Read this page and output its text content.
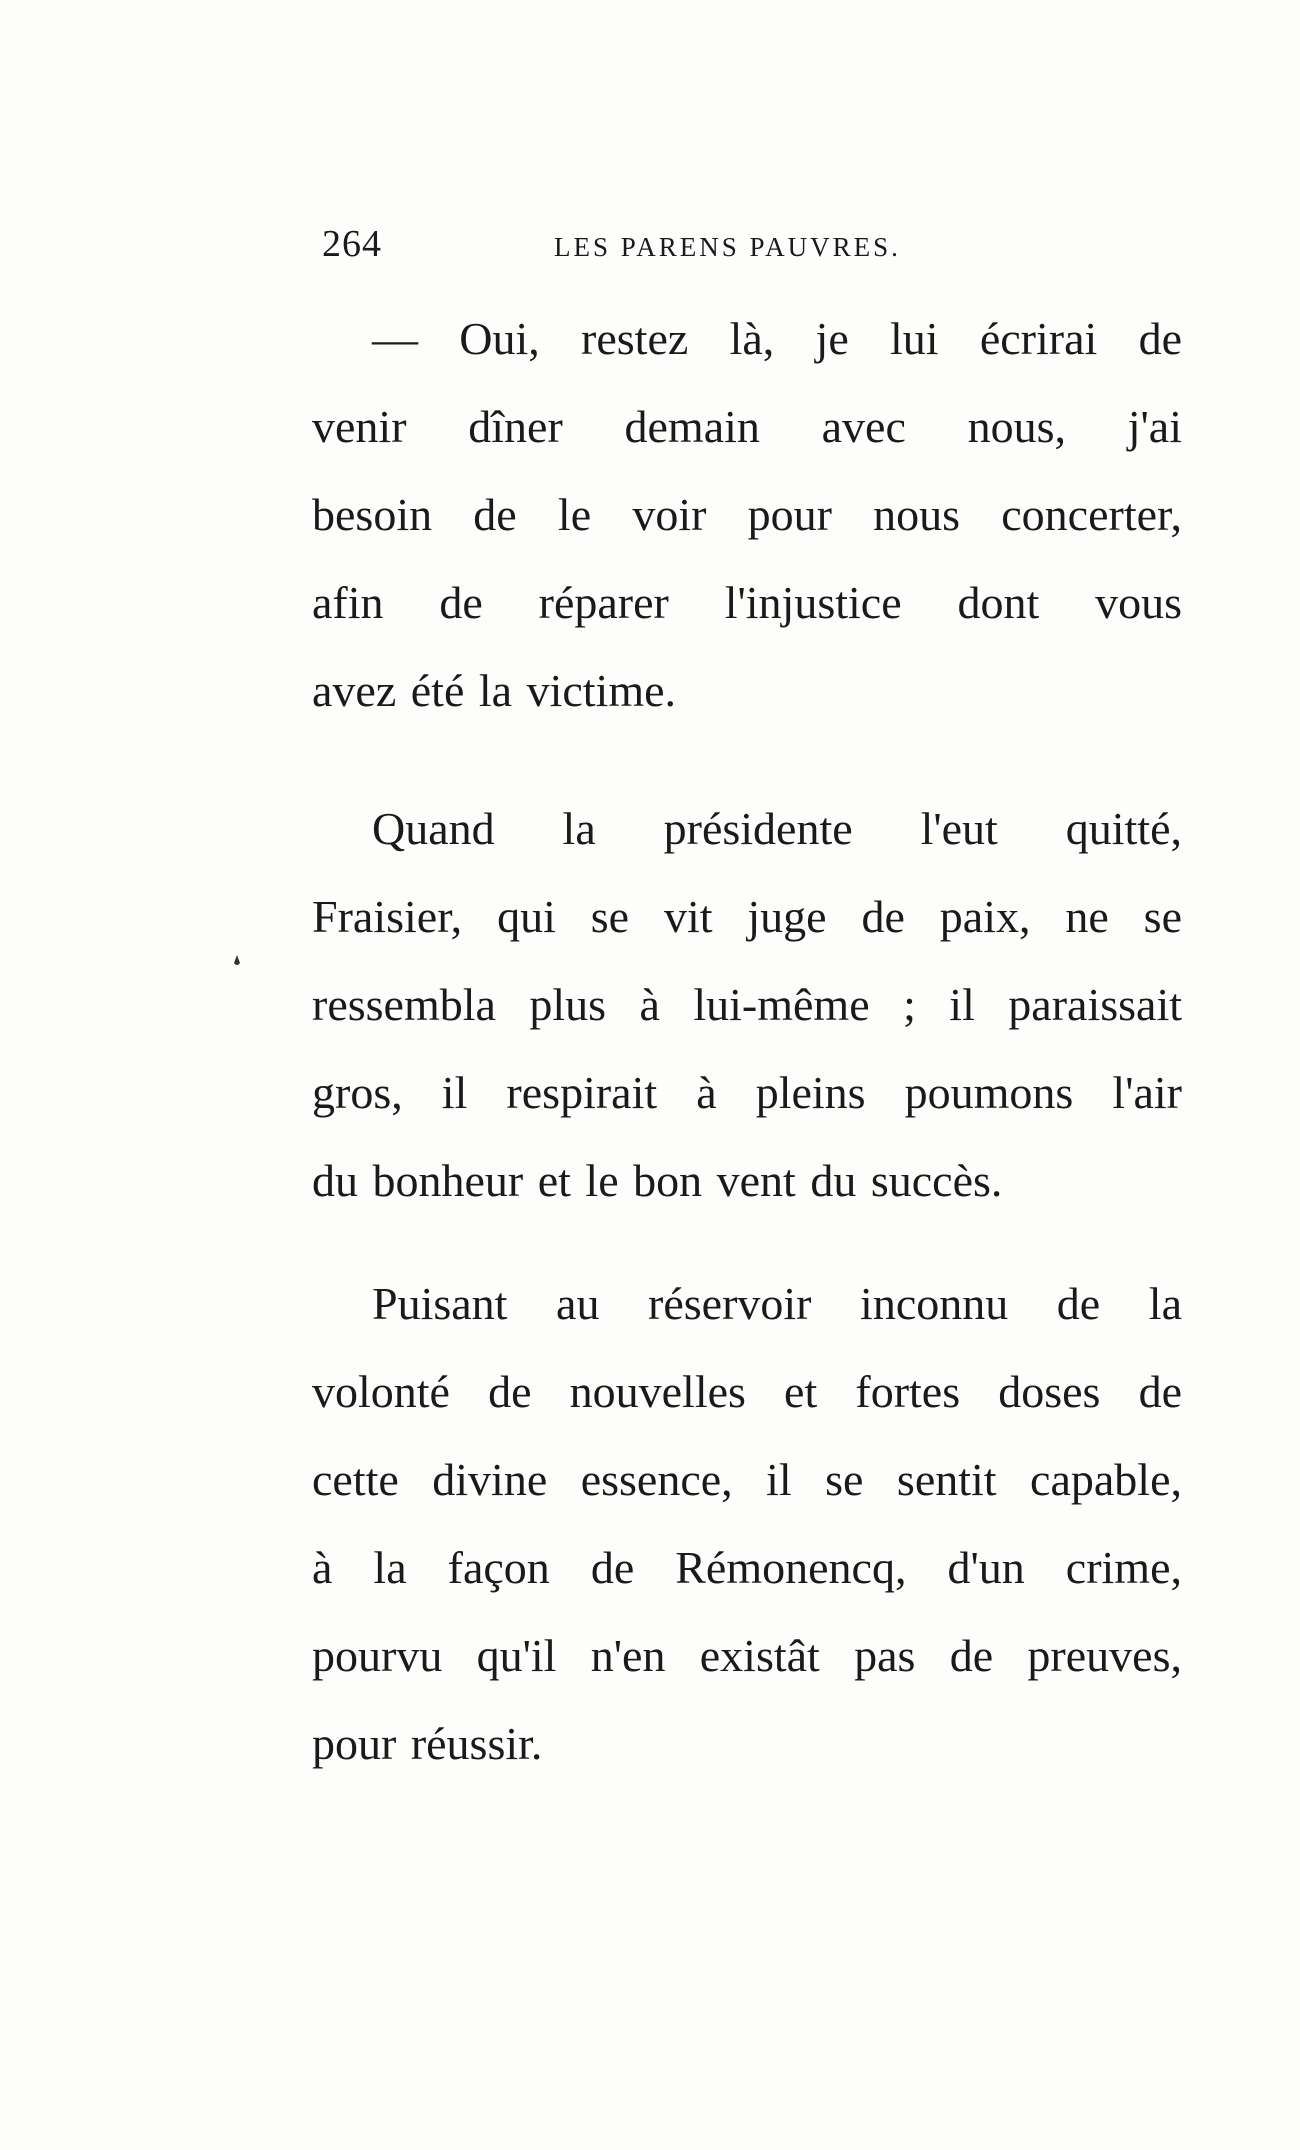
264	LES PARENS PAUVRES.
— Oui, restez là, je lui écrirai de
venir dîner demain avec nous, j'ai
besoin de le voir pour nous concerter,
afin de réparer l'injustice dont vous
avez été la victime.
Quand la présidente l'eut quitté,
Fraisier, qui se vit juge de paix, ne se
ressembla plus à lui-même ; il paraissait
gros, il respirait à pleins poumons l'air
du bonheur et le bon vent du succès.
Puisant au réservoir inconnu de la
volonté de nouvelles et fortes doses de
cette divine essence, il se sentit capable,
à la façon de Rémonencq, d'un crime,
pourvu qu'il n'en existât pas de preuves,
pour réussir.
